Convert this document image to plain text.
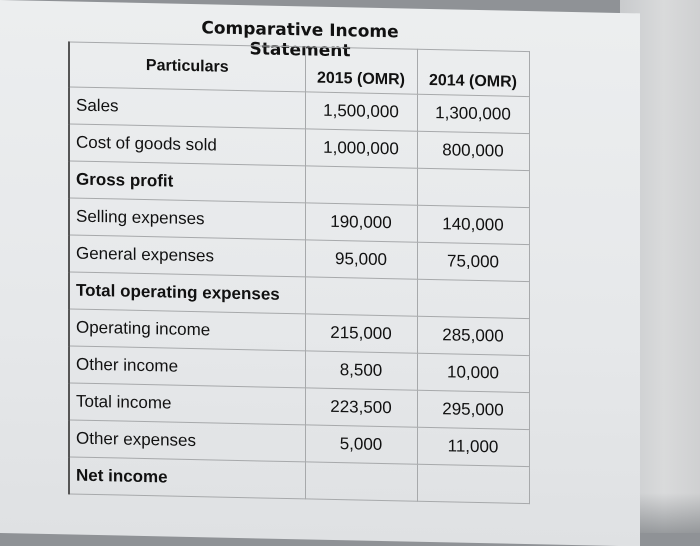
Comparative Income Statement
Particulars	2015 (OMR)	2014 (OMR)
Sales	1,500,000	1,300,000
Cost of goods sold	1,000,000	800,000
Gross profit		
Selling expenses	190,000	140,000
General expenses	95,000	75,000
Total operating expenses		
Operating income	215,000	285,000
Other income	8,500	10,000
Total income	223,500	295,000
Other expenses	5,000	11,000
Net income		
